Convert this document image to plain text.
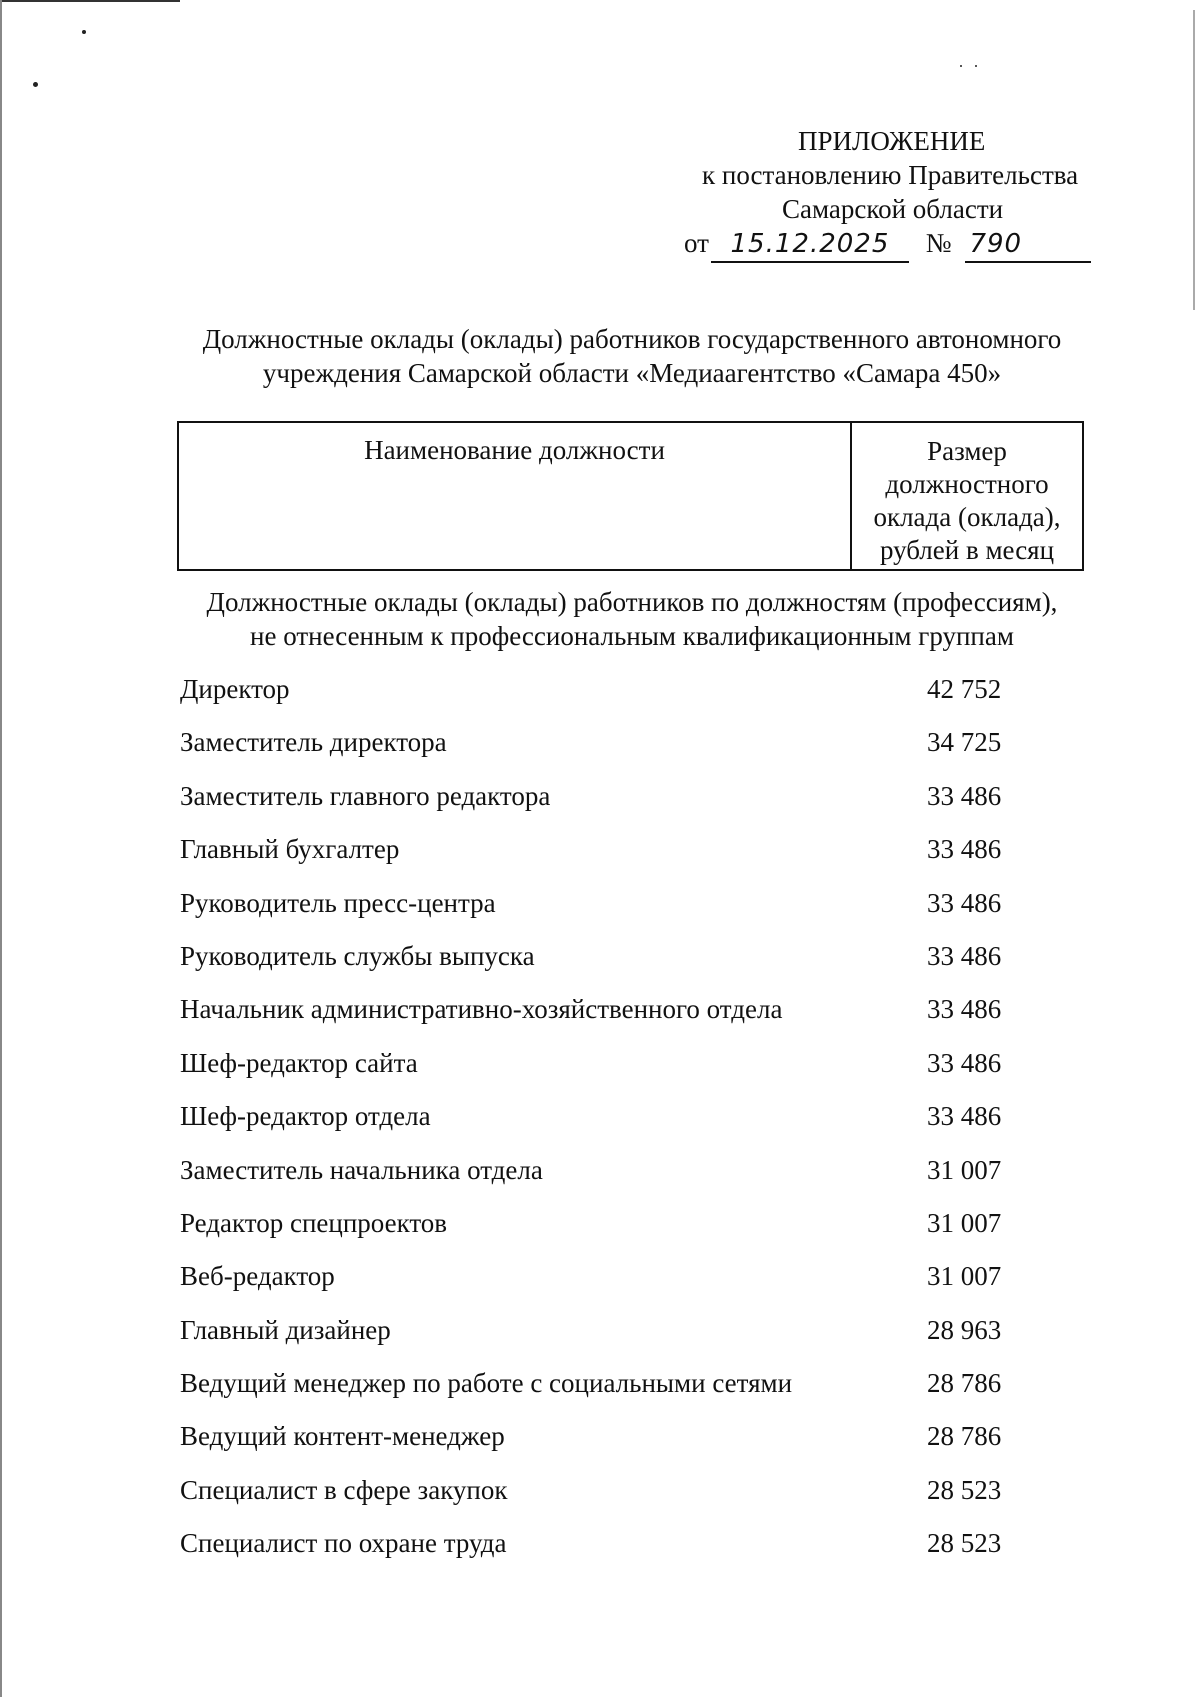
ПРИЛОЖЕНИЕ
к постановлению Правительства
Самарской области
от 15.12.2025 № 790
Должностные оклады (оклады) работников государственного автономного
учреждения Самарской области «Медиаагентство «Самара 450»
Наименование должности	Размер
должностного
оклада (оклада),
рублей в месяц
Должностные оклады (оклады) работников по должностям (профессиям),
не отнесенным к профессиональным квалификационным группам
Директор	42 752
Заместитель директора	34 725
Заместитель главного редактора	33 486
Главный бухгалтер	33 486
Руководитель пресс-центра	33 486
Руководитель службы выпуска	33 486
Начальник административно-хозяйственного отдела	33 486
Шеф-редактор сайта	33 486
Шеф-редактор отдела	33 486
Заместитель начальника отдела	31 007
Редактор спецпроектов	31 007
Веб-редактор	31 007
Главный дизайнер	28 963
Ведущий менеджер по работе с социальными сетями	28 786
Ведущий контент-менеджер	28 786
Специалист в сфере закупок	28 523
Специалист по охране труда	28 523
